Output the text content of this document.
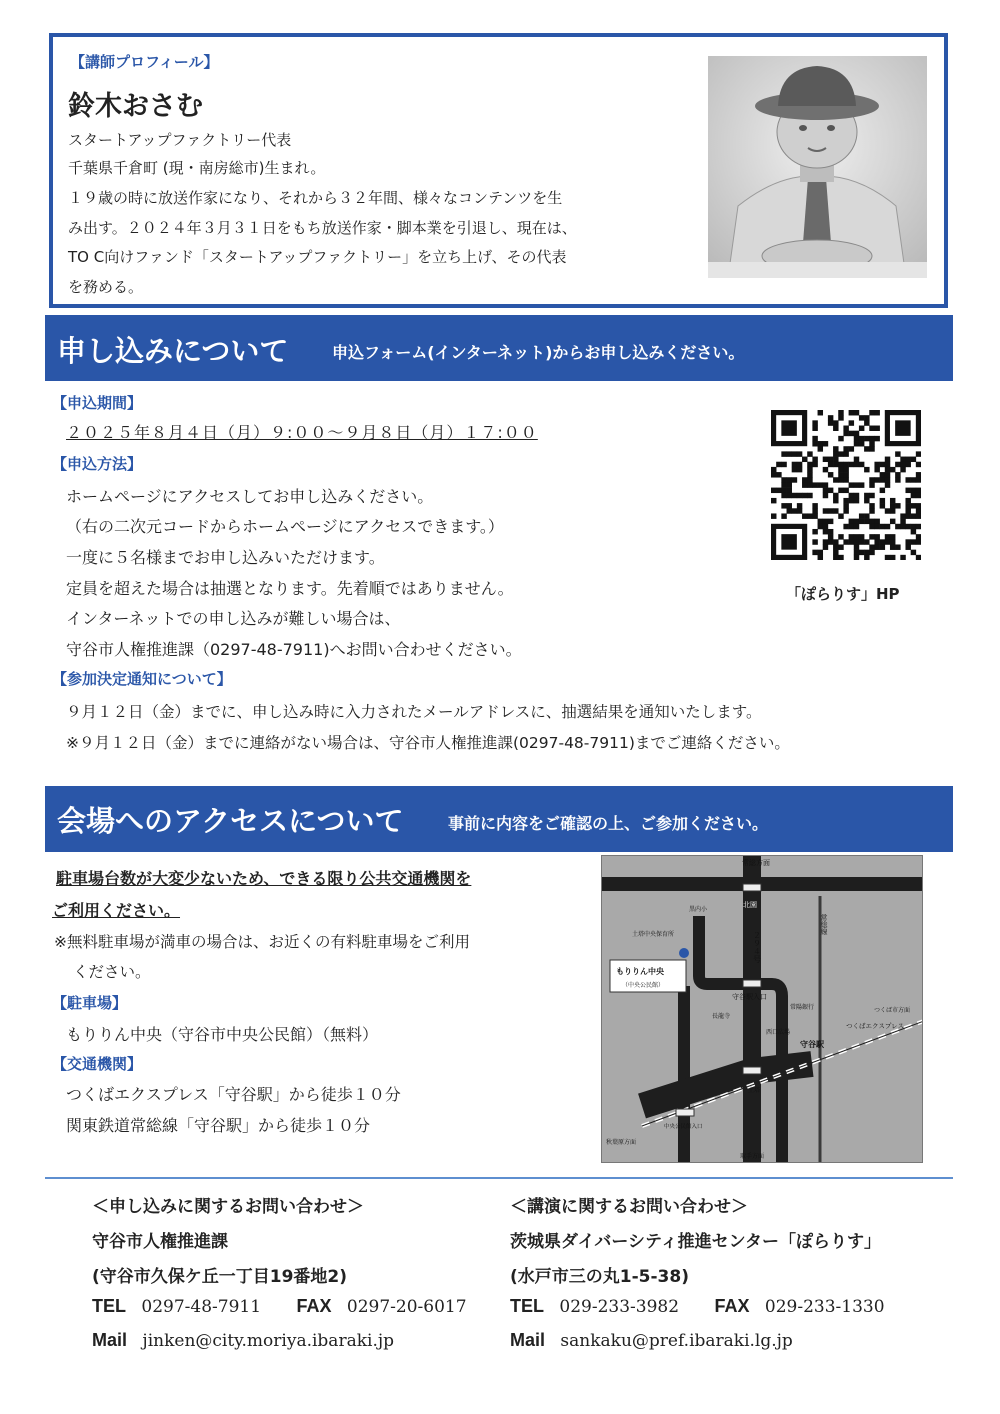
【講師プロフィール】
鈴木おさむ
スタートアップファクトリー代表
千葉県千倉町 (現・南房総市)生まれ。
１９歳の時に放送作家になり、それから３２年間、様々なコンテンツを生
み出す。２０２４年３月３１日をもち放送作家・脚本業を引退し、現在は、
TO C向けファンド「スタートアップファクトリー」を立ち上げ、その代表
を務める。
申し込みについて	申込フォーム(インターネット)からお申し込みください。
【申込期間】
２０２５年８月４日（月）９:００～９月８日（月）１７:００
【申込方法】
ホームページにアクセスしてお申し込みください。
（右の二次元コードからホームページにアクセスできます。）
一度に５名様までお申し込みいただけます。
定員を超えた場合は抽選となります。先着順ではありません。
インターネットでの申し込みが難しい場合は、
守谷市人権推進課（0297-48-7911)へお問い合わせください。
【参加決定通知について】
９月１２日（金）までに、申し込み時に入力されたメールアドレスに、抽選結果を通知いたします。
※９月１２日（金）までに連絡がない場合は、守谷市人権推進課(0297-48-7911)までご連絡ください。
「ぽらりす」HP
会場へのアクセスについて	事前に内容をご確認の上、ご参加ください。
駐車場台数が大変少ないため、できる限り公共交通機関を
ご利用ください。
※無料駐車場が満車の場合は、お近くの有料駐車場をご利用
ください。
【駐車場】
もりりん中央（守谷市中央公民館）（無料）
【交通機関】
つくばエクスプレス「守谷駅」から徒歩１０分
関東鉄道常総線「守谷駅」から徒歩１０分
常総方面
北園
２９４号
常総線
黒内小
土塔中央保育所
もりりん中央
（中央公民館）
守谷駅入口
常陽銀行
長龍寺
西口広場
守谷駅
つくば市方面
つくばエクスプレス
土塔
中央公民館入口
秋葉原方面
取手方面
＜申し込みに関するお問い合わせ＞
守谷市人権推進課
(守谷市久保ケ丘一丁目19番地2)
TEL 0297-48-7911 FAX 0297-20-6017
Mail jinken@city.moriya.ibaraki.jp
＜講演に関するお問い合わせ＞
茨城県ダイバーシティ推進センター「ぽらりす」
(水戸市三の丸1-5-38)
TEL 029-233-3982 FAX 029-233-1330
Mail sankaku@pref.ibaraki.lg.jp
